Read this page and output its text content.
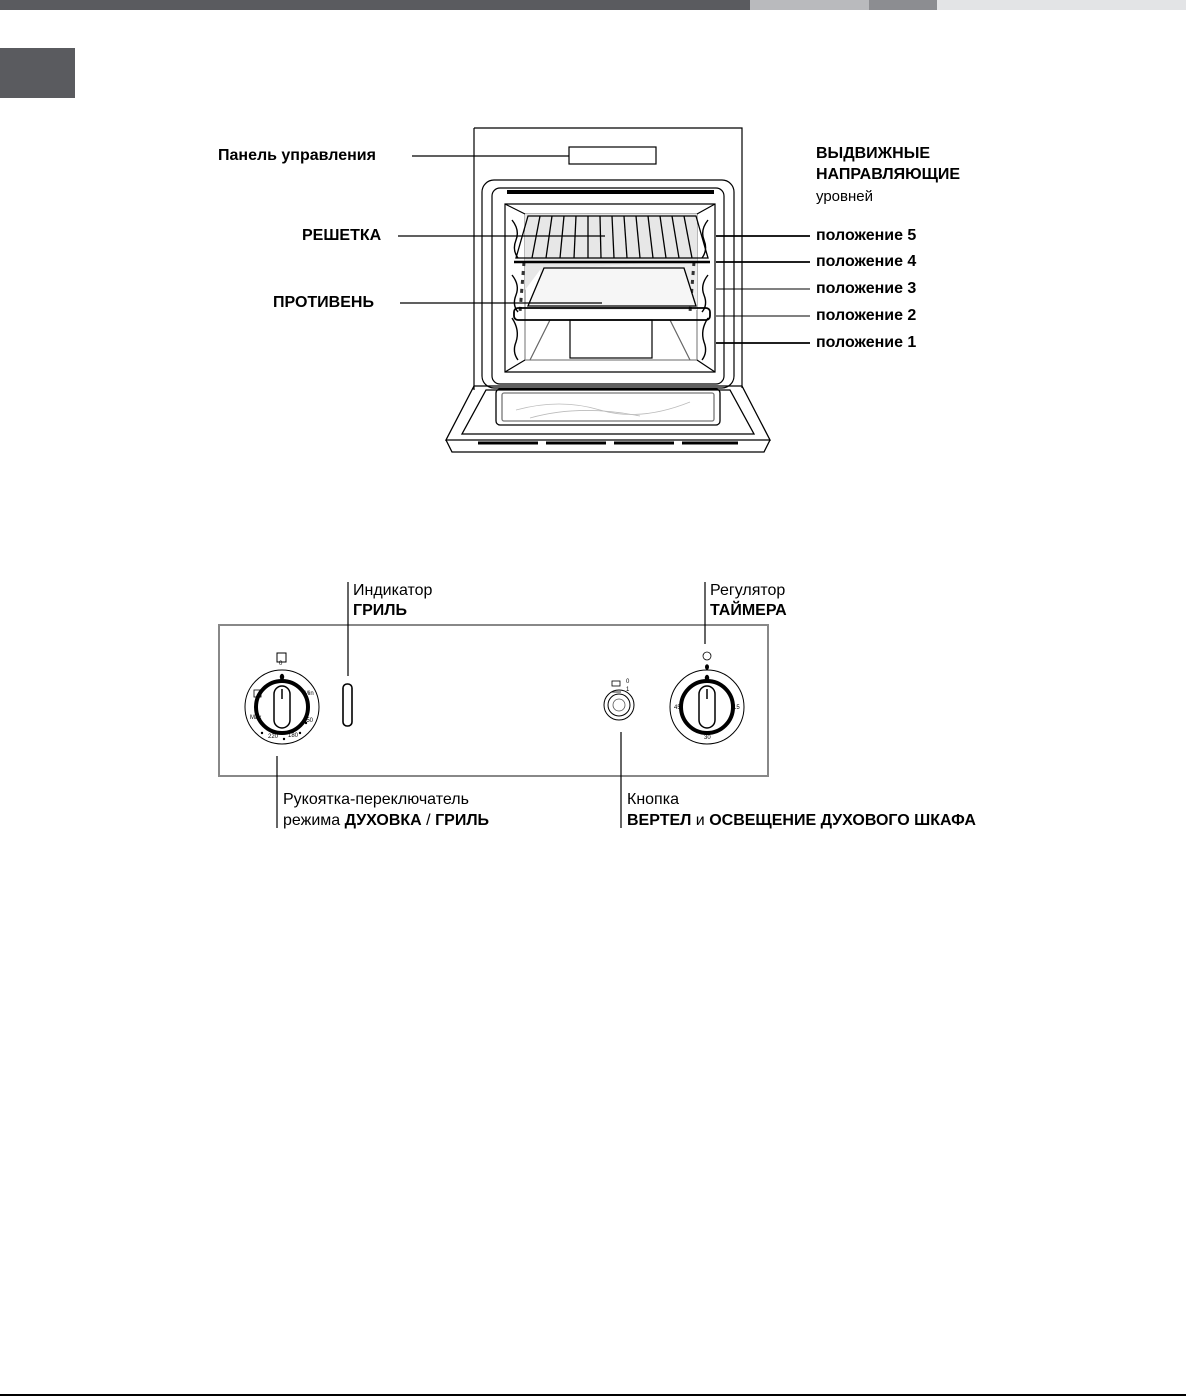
Панель управления
РЕШЕТКА
ПРОТИВЕНЬ
ВЫДВИЖНЫЕ
НАПРАВЛЯЮЩИЕ
уровней
положение 5
положение 4
положение 3
положение 2
положение 1
0
Min
Max
220 180
150
45	15
30
0
1
Индикатор
ГРИЛЬ
Регулятор
ТАЙМЕРА
Рукоятка-переключатель
режима ДУХОВКА / ГРИЛЬ
Кнопка
ВЕРТЕЛ и ОСВЕЩЕНИЕ ДУХОВОГО ШКАФА
